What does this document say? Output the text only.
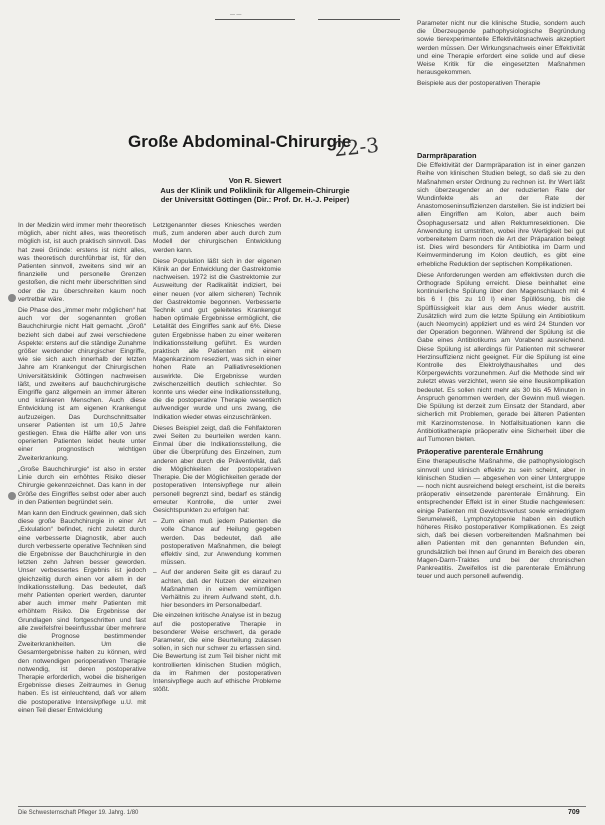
— —

Parameter nicht nur die klinische Studie, sondern auch die Überzeugende pathophysiologische Begründung sowie tierexperimentelle Effektivitätsnachweis akzeptiert werden müssen. Der Wirkungsnachweis einer Effektivität und eine Therapie erfordert eine solide und auf diese Weise Kritik für die eingesetzten Maßnahmen herausgekommen.

Beispiele aus der postoperativen Therapie

Große Abdominal-Chirurgie
22-3
Von R. Siewert
Aus der Klinik und Poliklinik für Allgemein-Chirurgie
der Universität Göttingen (Dir.: Prof. Dr. H.-J. Peiper)

In der Medizin wird immer mehr theoretisch möglich, aber nicht alles, was theoretisch möglich ist, ist auch praktisch sinnvoll. Das hat zwei Gründe: erstens ist nicht alles, was theoretisch durchführbar ist, für den Patienten sinnvoll, zweitens sind wir an finanzielle und personelle Grenzen gestoßen, die nicht mehr überschritten sind oder die zu überschreiten kaum noch vertretbar wäre.

Die Phase des „immer mehr möglichen“ hat auch vor der sogenannten großen Bauchchirurgie nicht Halt gemacht. „Groß“ bezieht sich dabei auf zwei verschiedene Aspekte: erstens auf die ständige Zunahme größer werdender chirurgischer Eingriffe, wie sie sich auch innerhalb der letzten Jahre am Krankengut der Chirurgischen Universitätsklinik Göttingen nachweisen läßt, und zweitens auf bauchchirurgische Eingriffe ganz allgemein an immer älteren und kränkeren Menschen. Auch diese Entwicklung ist am eigenen Krankengut aufzuzeigen. Das Durchschnittsalter unserer Patienten ist um 10,5 Jahre gestiegen. Etwa die Hälfte aller von uns operierten Patienten leidet heute unter einer prognostisch wichtigen Zweiterkrankung.

„Große Bauchchirurgie“ ist also in erster Linie durch ein erhöhtes Risiko dieser Chirurgie gekennzeichnet. Das kann in der Größe des Eingriffes selbst oder aber auch in den Patienten begründet sein.

Man kann den Eindruck gewinnen, daß sich diese große Bauchchirurgie in einer Art „Exkulation“ befindet, nicht zuletzt durch eine verbesserte Diagnostik, aber auch durch verbesserte operative Techniken sind die Ergebnisse der Bauchchirurgie in den letzten zehn Jahren besser geworden. Unser verbessertes Ergebnis ist jedoch gleichzeitig durch einen vor allem in der Indikationsstellung. Das bedeutet, daß mehr Patienten operiert werden, darunter aber auch immer mehr Patienten mit erhöhtem Risiko. Die Ergebnisse der Grundlagen sind fortgeschritten und fast alle zweifelsfrei beeinflussbar über mehrere die Prognose bestimmender Zweiterkrankheiten. Um die Gesamtergebnisse halten zu können, wird den notwendigen perioperativen Therapie notwendig, ist deren postoperative Therapie erforderlich, wobei die bisherigen Ergebnisse dieses Zeitraumes in Genug haben. Es ist einleuchtend, daß vor allem die postoperative Intensivpflege u.U. mit einen Teil dieser Entwicklung

Letztgenannter dieses Kniesches werden muß, zum anderen aber auch durch zum Modell der chirurgischen Entwicklung werden kann.

Diese Population läßt sich in der eigenen Klinik an der Entwicklung der Gastrektomie nachweisen. 1972 ist die Gastrektomie zur Ausweitung der Radikalität indiziert, bei einer neuen (vor allem sicheren) Technik der Gastrektomie begonnen. Verbesserte Technik und gut geleitetes Krankengut haben optimale Ergebnisse ermöglicht, die Letalität des Eingriffes sank auf 6%. Diese guten Ergebnisse haben zu einer weiteren Indikationsstellung geführt. Es wurden praktisch alle Patienten mit einem Magenkarzinom reseziert, was sich in einer hohen Rate an Palliativresektionen auswirkte. Die Ergebnisse wurden zwischenzeitlich deutlich schlechter. So konnte uns wieder eine Indikationsstellung, die die postoperative Therapie wesentlich aufwendiger wurde und uns zwang, die Indikation wieder etwas einzuschränken.

Dieses Beispiel zeigt, daß die Fehlfaktoren zwei Seiten zu beurteilen werden kann. Einmal über die Indikationsstellung, die über die Überprüfung des Einzelnen, zum anderen aber durch die Präventivität, daß die Möglichkeiten der postoperativen Therapie. Die der Möglichkeiten gerade der postoperativen Intensivpflege nur allein personell begrenzt sind, bedarf es ständig erneuter Kontrolle, die unter zwei Gesichtspunkten zu erfolgen hat:

– Zum einen muß jedem Patienten die volle Chance auf Heilung gegeben werden. Das bedeutet, daß alle postoperativen Maßnahmen, die belegt effektiv sind, zur Anwendung kommen müssen.
– Auf der anderen Seite gilt es darauf zu achten, daß der Nutzen der einzelnen Maßnahmen in einem vernünftigen Verhältnis zu ihrem Aufwand steht, d.h. hier besonders im Personalbedarf.

Die einzelnen kritische Analyse ist in bezug auf die postoperative Therapie in besonderer Weise erschwert, da gerade Parameter, die eine Beurteilung zulassen sollen, in sich nur schwer zu erfassen sind. Die Bewertung ist zum Teil bisher nicht mit kontrollierten klinischen Studien möglich, da im Rahmen der postoperativen Intensivpflege auch auf ethische Probleme stößt.

Darmpräparation

Die Effektivität der Darmpräparation ist in einer ganzen Reihe von klinischen Studien belegt, so daß sie zu den Maßnahmen erster Ordnung zu rechnen ist. Ihr Wert läßt sich überzeugender an der reduzierten Rate der Wundinfekte als an der Rate der Anastomoseninsuffizienzen darstellen. Sie ist indiziert bei allen Eingriffen am Kolon, aber auch beim Ösophagusersatz und allen Rektumresektionen. Die Anwendung ist umstritten, wobei ihre Wertigkeit bei gut vorbereitetem Darm noch die Art der Präparation belegt ist. Dies wird besonders für Antibiotika im Darm und Keimverminderung im Kolon deutlich, es gibt eine erhebliche Reduktion der septischen Komplikationen.

Diese Anforderungen werden am effektivsten durch die Orthograde Spülung erreicht. Diese beinhaltet eine kontinuierliche Spülung über den Magenschlauch mit 4 bis 6 l (bis zu 10 l) einer Spüllösung, bis die Spülflüssigkeit klar aus dem Anus wieder austritt. Zusätzlich wird zum die letzte Spülung ein Antibiotikum (auch Neomycin) appliziert und es wird 24 Stunden vor der Operation begonnen. Während der Spülung ist die Gabe eines Antibiotikums am Vorabend ausreichend. Diese Spülung ist allerdings für Patienten mit schwerer Herzinsuffizienz nicht geeignet. Für die Spülung ist eine Kontrolle des Elektrolythaushaltes und des Körpergewichts vorzunehmen. Auf die Methode sind wir zuletzt etwas verzichtet, wenn sie eine Ileuskomplikation bedeutet. Es sollen nicht mehr als 30 bis 45 Minuten in Anspruch genommen werden, der Gewinn muß wiegen. Die Spülung ist derzeit zum Einsatz der Standard, aber sicherlich mit Problemen, gerade bei älteren Patienten mit Karzinomstenose. In Notfallsituationen kann die Antibiotikatherapie präoperativ eine Sicherheit über die auf Tumoren bieten.

Präoperative parenterale Ernährung

Eine therapeutische Maßnahme, die pathophysiologisch sinnvoll und klinisch effektiv zu sein scheint, aber in klinischen Studien — abgesehen von einer Untergruppe — noch nicht ausreichend belegt erscheint, ist die bereits präoperativ einsetzende parenterale Ernährung. Ein entsprechender Effekt ist in einer Studie nachgewiesen: einige Patienten mit Gewichtsverlust sowie erniedrigtem Serumeiweiß, Lymphozytopenie haben ein deutlich höheres Risiko postoperativer Komplikationen. Es zeigt sich, daß bei diesen vorbereitenden Maßnahmen bei allen Patienten mit den genannten Befunden ein, grundsätzlich bei Ihnen auf Grund im Bereich des oberen Magen-Darm-Traktes und bei der chronischen Pankreatitis. Zweifellos ist die parenterale Ernährung teuer und auch personell aufwendig.

Die Schwesternschaft Pfleger 19. Jahrg. 1/80	709
